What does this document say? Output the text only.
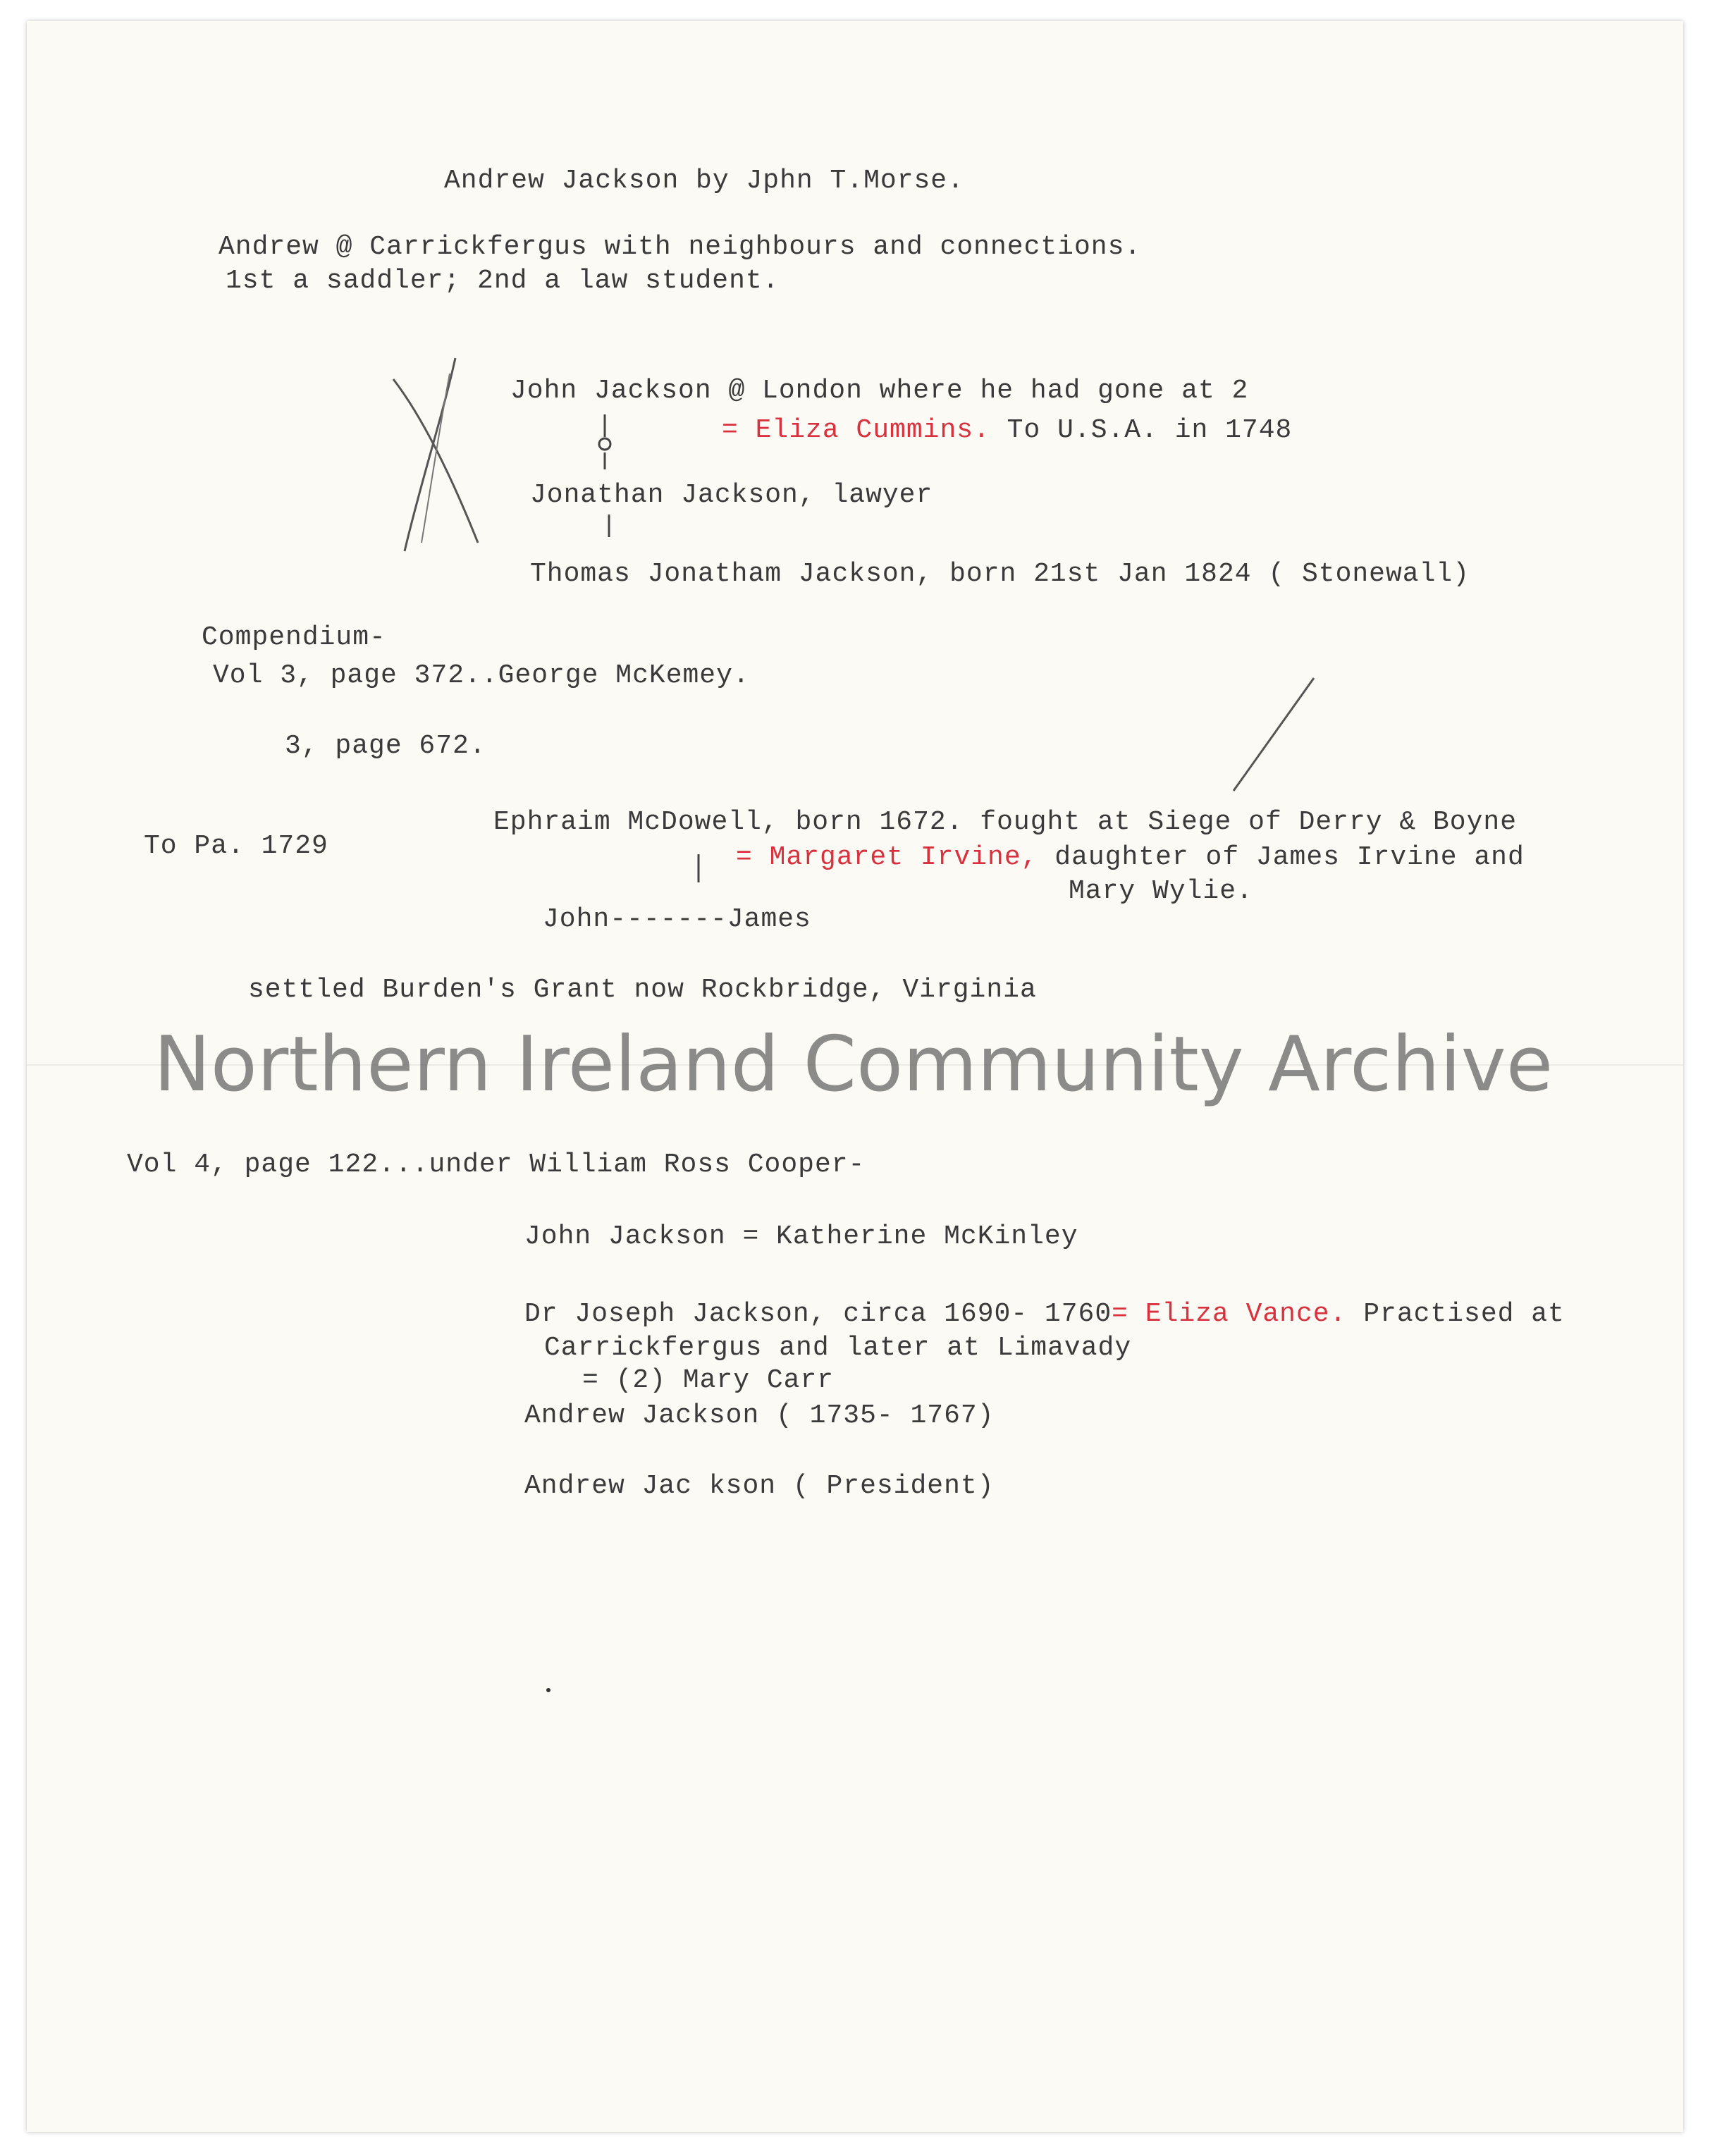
Andrew Jackson by Jphn T.Morse.
Andrew @ Carrickfergus with neighbours and connections.
1st a saddler; 2nd a law student.
John Jackson @ London where he had gone at 2
= Eliza Cummins. To U.S.A. in 1748
Jonathan Jackson, lawyer
Thomas Jonatham Jackson, born 21st Jan 1824 ( Stonewall)
Compendium-
Vol 3, page 372..George McKemey.
3, page 672.
To Pa. 1729
Ephraim McDowell, born 1672. fought at Siege of Derry & Boyne
= Margaret Irvine, daughter of James Irvine and
Mary Wylie.
John-------James
settled Burden's Grant now Rockbridge, Virginia
Northern Ireland Community Archive
Vol 4, page 122...under William Ross Cooper-
John Jackson = Katherine McKinley
Dr Joseph Jackson, circa 1690- 1760= Eliza Vance. Practised at
Carrickfergus and later at Limavady
= (2) Mary Carr
Andrew Jackson ( 1735- 1767)
Andrew Jac kson ( President)
